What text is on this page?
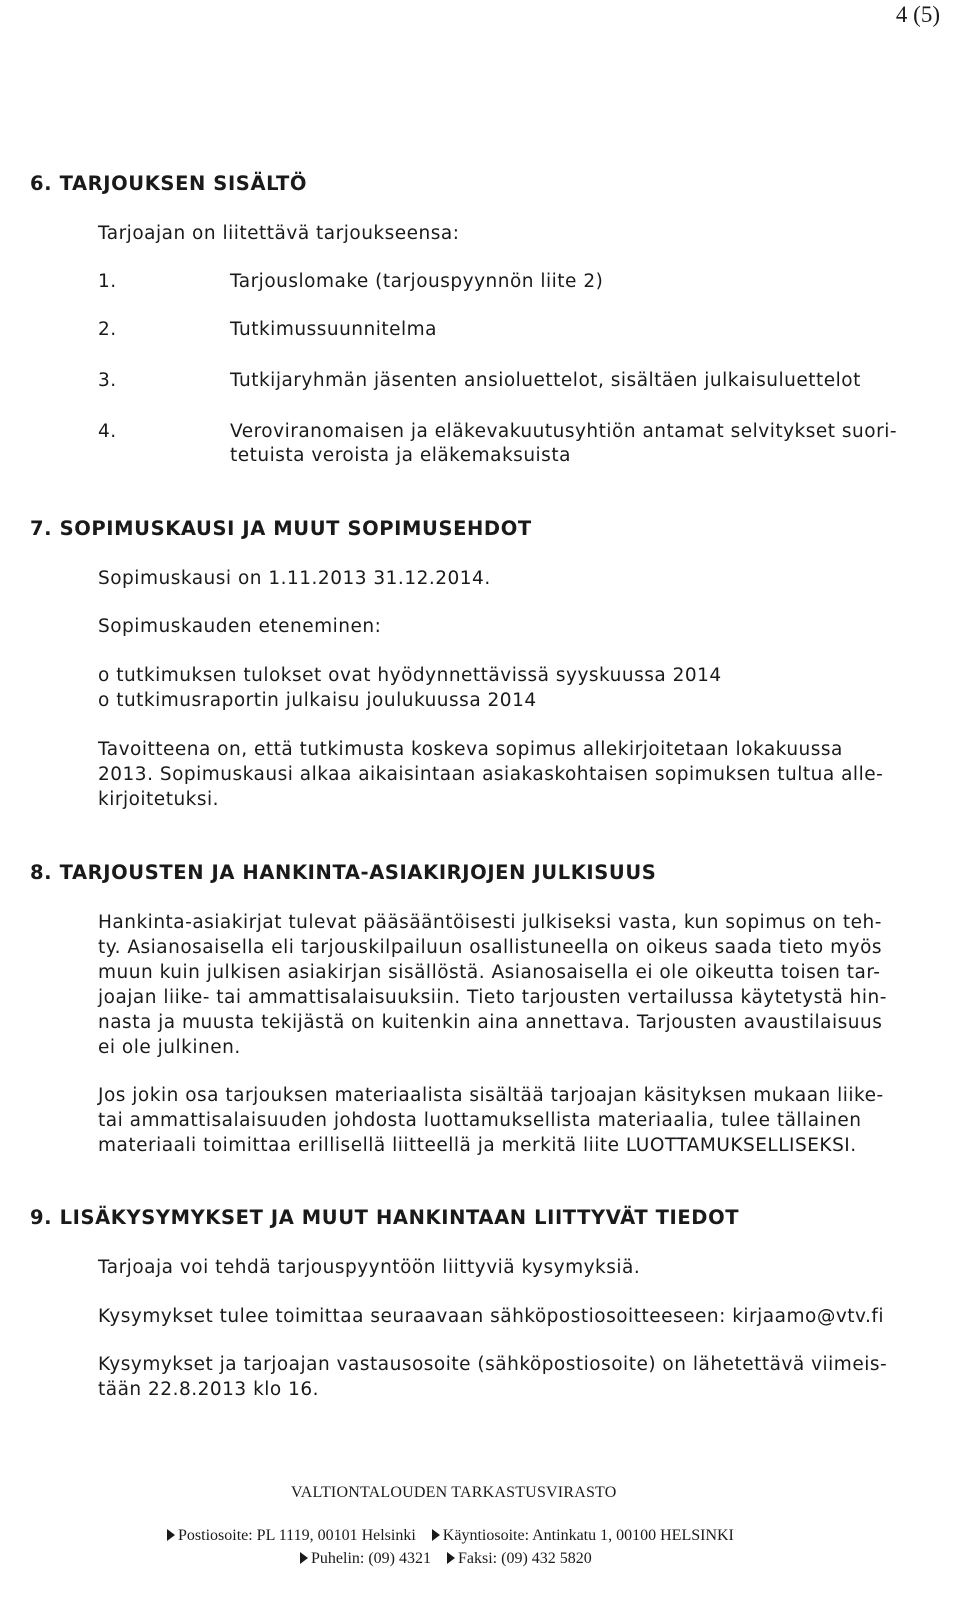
4 (5)
6. TARJOUKSEN SISÄLTÖ
Tarjoajan on liitettävä tarjoukseensa:
1.	Tarjouslomake (tarjouspyynnön liite 2)
2.	Tutkimussuunnitelma
3.	Tutkijaryhmän jäsenten ansioluettelot, sisältäen julkaisuluettelot
4.	Veroviranomaisen ja eläkevakuutusyhtiön antamat selvitykset suori-
tetuista veroista ja eläkemaksuista
7. SOPIMUSKAUSI JA MUUT SOPIMUSEHDOT
Sopimuskausi on 1.11.2013 31.12.2014.
Sopimuskauden eteneminen:
o tutkimuksen tulokset ovat hyödynnettävissä syyskuussa 2014
o tutkimusraportin julkaisu joulukuussa 2014
Tavoitteena on, että tutkimusta koskeva sopimus allekirjoitetaan lokakuussa
2013. Sopimuskausi alkaa aikaisintaan asiakaskohtaisen sopimuksen tultua alle-
kirjoitetuksi.
8. TARJOUSTEN JA HANKINTA-ASIAKIRJOJEN JULKISUUS
Hankinta-asiakirjat tulevat pääsääntöisesti julkiseksi vasta, kun sopimus on teh-
ty. Asianosaisella eli tarjouskilpailuun osallistuneella on oikeus saada tieto myös
muun kuin julkisen asiakirjan sisällöstä. Asianosaisella ei ole oikeutta toisen tar-
joajan liike- tai ammattisalaisuuksiin. Tieto tarjousten vertailussa käytetystä hin-
nasta ja muusta tekijästä on kuitenkin aina annettava. Tarjousten avaustilaisuus
ei ole julkinen.
Jos jokin osa tarjouksen materiaalista sisältää tarjoajan käsityksen mukaan liike-
tai ammattisalaisuuden johdosta luottamuksellista materiaalia, tulee tällainen
materiaali toimittaa erillisellä liitteellä ja merkitä liite LUOTTAMUKSELLISEKSI.
9. LISÄKYSYMYKSET JA MUUT HANKINTAAN LIITTYVÄT TIEDOT
Tarjoaja voi tehdä tarjouspyyntöön liittyviä kysymyksiä.
Kysymykset tulee toimittaa seuraavaan sähköpostiosoitteeseen: kirjaamo@vtv.fi
Kysymykset ja tarjoajan vastausosoite (sähköpostiosoite) on lähetettävä viimeis-
tään 22.8.2013 klo 16.
VALTIONTALOUDEN TARKASTUSVIRASTO
Postiosoite: PL 1119, 00101 Helsinki Käyntiosoite: Antinkatu 1, 00100 HELSINKI
Puhelin: (09) 4321 Faksi: (09) 432 5820
